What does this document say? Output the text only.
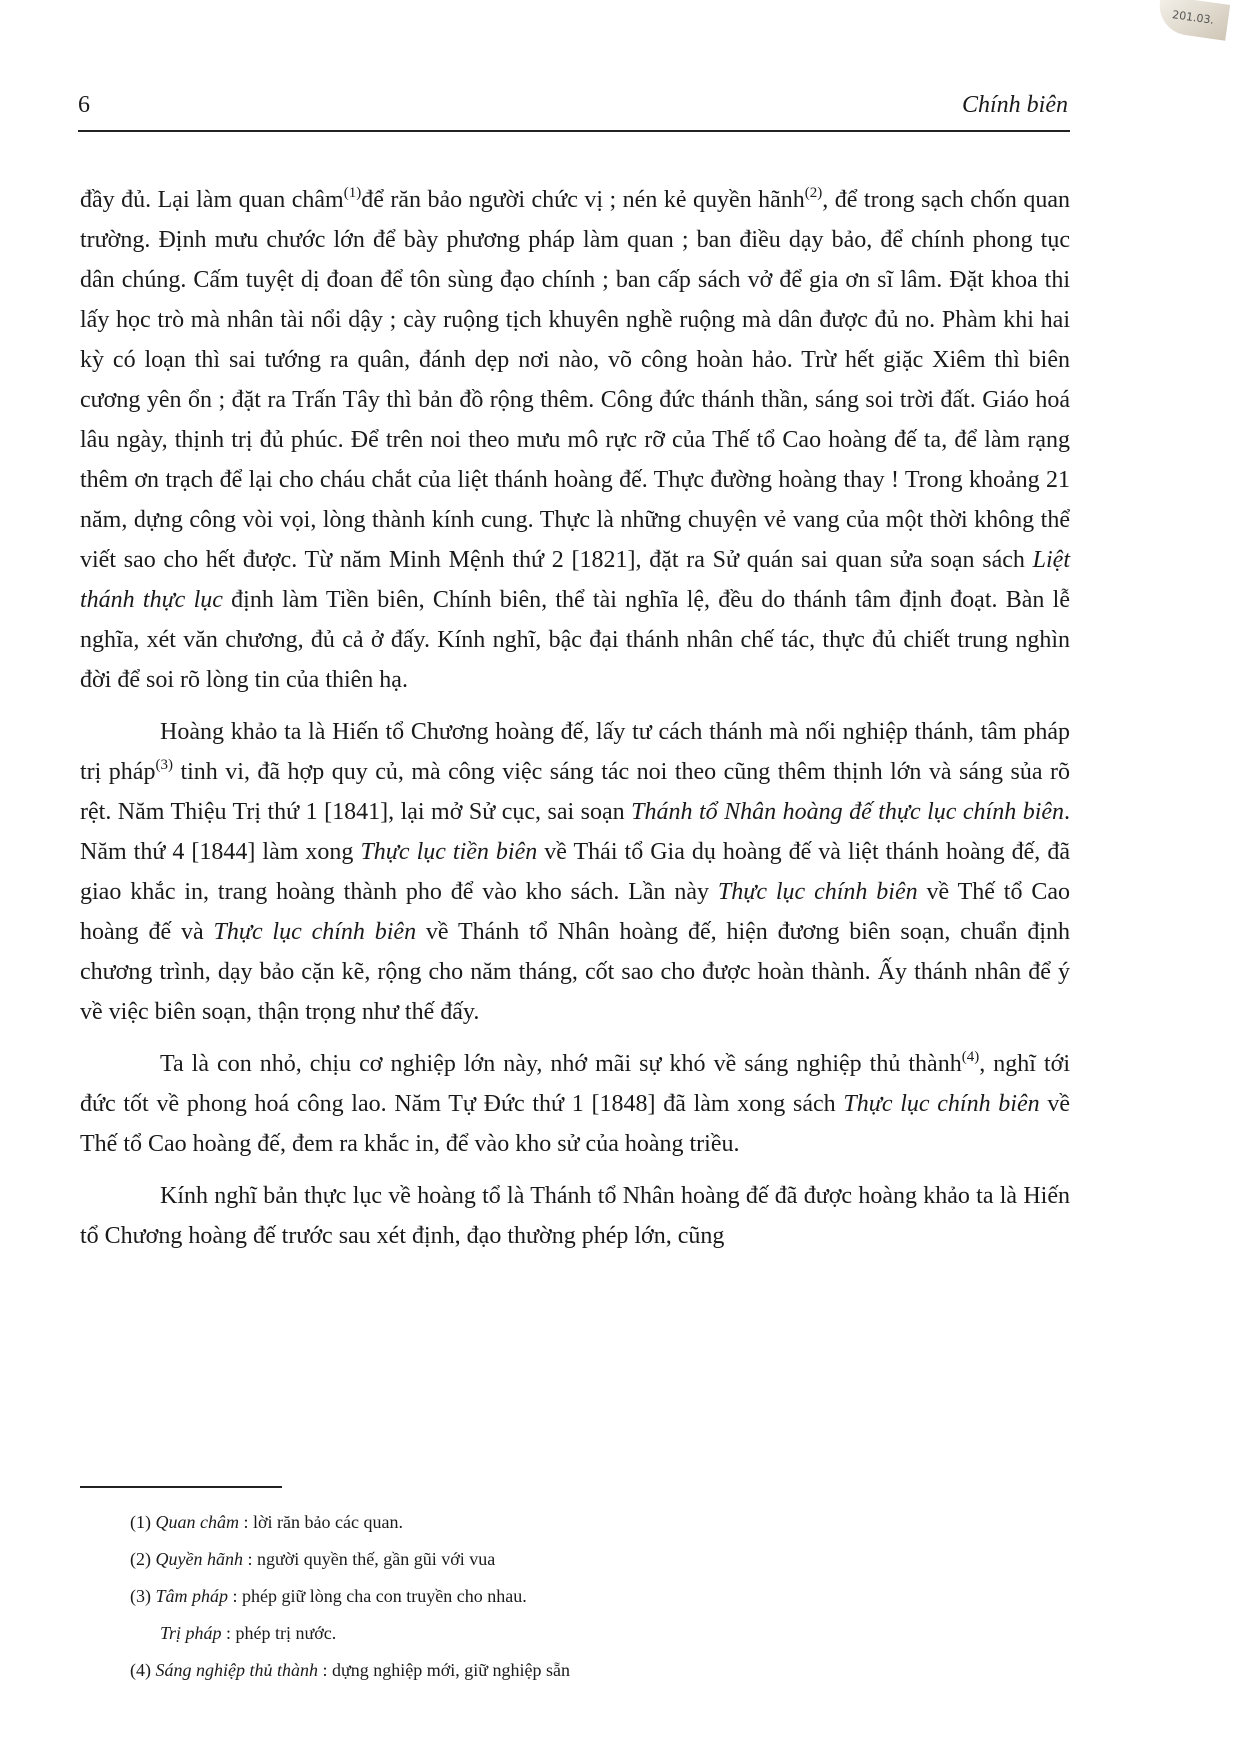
201.03.
6	Chính biên

đầy đủ. Lại làm quan châm$^{(1)}$để răn bảo người chức vị ; nén kẻ quyền hãnh$^{(2)}$, để trong sạch chốn quan trường. Định mưu chước lớn để bày phương pháp làm quan ; ban điều dạy bảo, để chính phong tục dân chúng. Cấm tuyệt dị đoan để tôn sùng đạo chính ; ban cấp sách vở để gia ơn sĩ lâm. Đặt khoa thi lấy học trò mà nhân tài nổi dậy ; cày ruộng tịch khuyên nghề ruộng mà dân được đủ no. Phàm khi hai kỳ có loạn thì sai tướng ra quân, đánh dẹp nơi nào, võ công hoàn hảo. Trừ hết giặc Xiêm thì biên cương yên ổn ; đặt ra Trấn Tây thì bản đồ rộng thêm. Công đức thánh thần, sáng soi trời đất. Giáo hoá lâu ngày, thịnh trị đủ phúc. Để trên noi theo mưu mô rực rỡ của Thế tổ Cao hoàng đế ta, để làm rạng thêm ơn trạch để lại cho cháu chắt của liệt thánh hoàng đế. Thực đường hoàng thay ! Trong khoảng 21 năm, dựng công vòi vọi, lòng thành kính cung. Thực là những chuyện vẻ vang của một thời không thể viết sao cho hết được. Từ năm Minh Mệnh thứ 2 [1821], đặt ra Sử quán sai quan sửa soạn sách Liệt thánh thực lục định làm Tiền biên, Chính biên, thể tài nghĩa lệ, đều do thánh tâm định đoạt. Bàn lễ nghĩa, xét văn chương, đủ cả ở đấy. Kính nghĩ, bậc đại thánh nhân chế tác, thực đủ chiết trung nghìn đời để soi rõ lòng tin của thiên hạ.

Hoàng khảo ta là Hiến tổ Chương hoàng đế, lấy tư cách thánh mà nối nghiệp thánh, tâm pháp trị pháp$^{(3)}$ tinh vi, đã hợp quy củ, mà công việc sáng tác noi theo cũng thêm thịnh lớn và sáng sủa rõ rệt. Năm Thiệu Trị thứ 1 [1841], lại mở Sử cục, sai soạn Thánh tổ Nhân hoàng đế thực lục chính biên. Năm thứ 4 [1844] làm xong Thực lục tiền biên về Thái tổ Gia dụ hoàng đế và liệt thánh hoàng đế, đã giao khắc in, trang hoàng thành pho để vào kho sách. Lần này Thực lục chính biên về Thế tổ Cao hoàng đế và Thực lục chính biên về Thánh tổ Nhân hoàng đế, hiện đương biên soạn, chuẩn định chương trình, dạy bảo cặn kẽ, rộng cho năm tháng, cốt sao cho được hoàn thành. Ấy thánh nhân để ý về việc biên soạn, thận trọng như thế đấy.

Ta là con nhỏ, chịu cơ nghiệp lớn này, nhớ mãi sự khó về sáng nghiệp thủ thành$^{(4)}$, nghĩ tới đức tốt về phong hoá công lao. Năm Tự Đức thứ 1 [1848] đã làm xong sách Thực lục chính biên về Thế tổ Cao hoàng đế, đem ra khắc in, để vào kho sử của hoàng triều.

Kính nghĩ bản thực lục về hoàng tổ là Thánh tổ Nhân hoàng đế đã được hoàng khảo ta là Hiến tổ Chương hoàng đế trước sau xét định, đạo thường phép lớn, cũng

(1) Quan châm : lời răn bảo các quan.

(2) Quyền hãnh : người quyền thế, gần gũi với vua

(3) Tâm pháp : phép giữ lòng cha con truyền cho nhau.

Trị pháp : phép trị nước.

(4) Sáng nghiệp thủ thành : dựng nghiệp mới, giữ nghiệp sẵn
